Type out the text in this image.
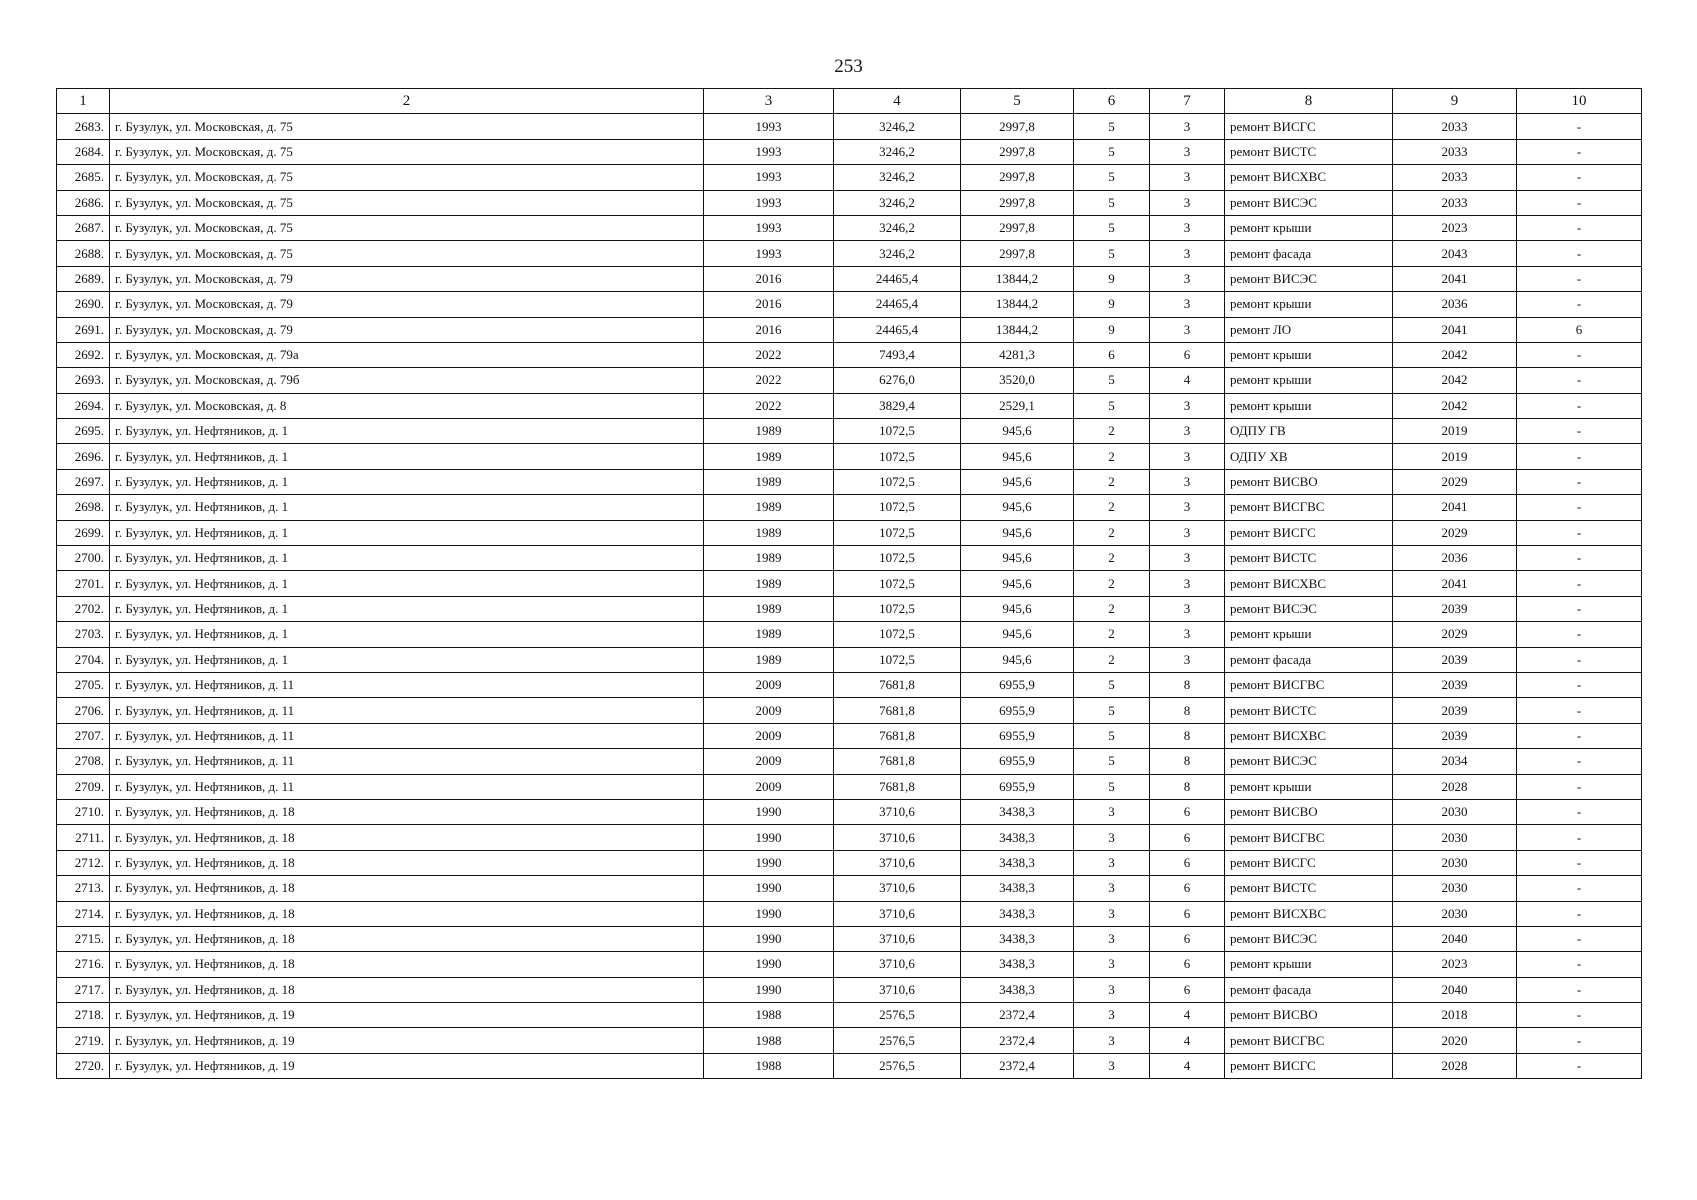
253
1	2	3	4	5	6	7	8	9	10
2683.	г. Бузулук, ул. Московская, д. 75	1993	3246,2	2997,8	5	3	ремонт ВИСГС	2033	-
2684.	г. Бузулук, ул. Московская, д. 75	1993	3246,2	2997,8	5	3	ремонт ВИСТС	2033	-
2685.	г. Бузулук, ул. Московская, д. 75	1993	3246,2	2997,8	5	3	ремонт ВИСХВС	2033	-
2686.	г. Бузулук, ул. Московская, д. 75	1993	3246,2	2997,8	5	3	ремонт ВИСЭС	2033	-
2687.	г. Бузулук, ул. Московская, д. 75	1993	3246,2	2997,8	5	3	ремонт крыши	2023	-
2688.	г. Бузулук, ул. Московская, д. 75	1993	3246,2	2997,8	5	3	ремонт фасада	2043	-
2689.	г. Бузулук, ул. Московская, д. 79	2016	24465,4	13844,2	9	3	ремонт ВИСЭС	2041	-
2690.	г. Бузулук, ул. Московская, д. 79	2016	24465,4	13844,2	9	3	ремонт крыши	2036	-
2691.	г. Бузулук, ул. Московская, д. 79	2016	24465,4	13844,2	9	3	ремонт ЛО	2041	6
2692.	г. Бузулук, ул. Московская, д. 79а	2022	7493,4	4281,3	6	6	ремонт крыши	2042	-
2693.	г. Бузулук, ул. Московская, д. 79б	2022	6276,0	3520,0	5	4	ремонт крыши	2042	-
2694.	г. Бузулук, ул. Московская, д. 8	2022	3829,4	2529,1	5	3	ремонт крыши	2042	-
2695.	г. Бузулук, ул. Нефтяников, д. 1	1989	1072,5	945,6	2	3	ОДПУ ГВ	2019	-
2696.	г. Бузулук, ул. Нефтяников, д. 1	1989	1072,5	945,6	2	3	ОДПУ ХВ	2019	-
2697.	г. Бузулук, ул. Нефтяников, д. 1	1989	1072,5	945,6	2	3	ремонт ВИСВО	2029	-
2698.	г. Бузулук, ул. Нефтяников, д. 1	1989	1072,5	945,6	2	3	ремонт ВИСГВС	2041	-
2699.	г. Бузулук, ул. Нефтяников, д. 1	1989	1072,5	945,6	2	3	ремонт ВИСГС	2029	-
2700.	г. Бузулук, ул. Нефтяников, д. 1	1989	1072,5	945,6	2	3	ремонт ВИСТС	2036	-
2701.	г. Бузулук, ул. Нефтяников, д. 1	1989	1072,5	945,6	2	3	ремонт ВИСХВС	2041	-
2702.	г. Бузулук, ул. Нефтяников, д. 1	1989	1072,5	945,6	2	3	ремонт ВИСЭС	2039	-
2703.	г. Бузулук, ул. Нефтяников, д. 1	1989	1072,5	945,6	2	3	ремонт крыши	2029	-
2704.	г. Бузулук, ул. Нефтяников, д. 1	1989	1072,5	945,6	2	3	ремонт фасада	2039	-
2705.	г. Бузулук, ул. Нефтяников, д. 11	2009	7681,8	6955,9	5	8	ремонт ВИСГВС	2039	-
2706.	г. Бузулук, ул. Нефтяников, д. 11	2009	7681,8	6955,9	5	8	ремонт ВИСТС	2039	-
2707.	г. Бузулук, ул. Нефтяников, д. 11	2009	7681,8	6955,9	5	8	ремонт ВИСХВС	2039	-
2708.	г. Бузулук, ул. Нефтяников, д. 11	2009	7681,8	6955,9	5	8	ремонт ВИСЭС	2034	-
2709.	г. Бузулук, ул. Нефтяников, д. 11	2009	7681,8	6955,9	5	8	ремонт крыши	2028	-
2710.	г. Бузулук, ул. Нефтяников, д. 18	1990	3710,6	3438,3	3	6	ремонт ВИСВО	2030	-
2711.	г. Бузулук, ул. Нефтяников, д. 18	1990	3710,6	3438,3	3	6	ремонт ВИСГВС	2030	-
2712.	г. Бузулук, ул. Нефтяников, д. 18	1990	3710,6	3438,3	3	6	ремонт ВИСГС	2030	-
2713.	г. Бузулук, ул. Нефтяников, д. 18	1990	3710,6	3438,3	3	6	ремонт ВИСТС	2030	-
2714.	г. Бузулук, ул. Нефтяников, д. 18	1990	3710,6	3438,3	3	6	ремонт ВИСХВС	2030	-
2715.	г. Бузулук, ул. Нефтяников, д. 18	1990	3710,6	3438,3	3	6	ремонт ВИСЭС	2040	-
2716.	г. Бузулук, ул. Нефтяников, д. 18	1990	3710,6	3438,3	3	6	ремонт крыши	2023	-
2717.	г. Бузулук, ул. Нефтяников, д. 18	1990	3710,6	3438,3	3	6	ремонт фасада	2040	-
2718.	г. Бузулук, ул. Нефтяников, д. 19	1988	2576,5	2372,4	3	4	ремонт ВИСВО	2018	-
2719.	г. Бузулук, ул. Нефтяников, д. 19	1988	2576,5	2372,4	3	4	ремонт ВИСГВС	2020	-
2720.	г. Бузулук, ул. Нефтяников, д. 19	1988	2576,5	2372,4	3	4	ремонт ВИСГС	2028	-
